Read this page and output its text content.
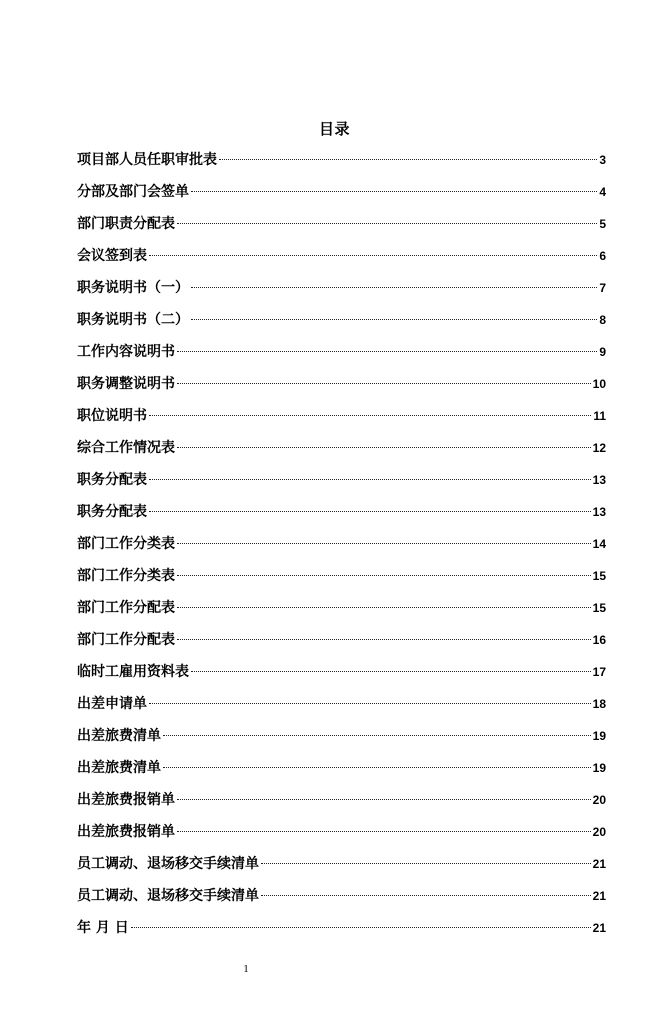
目录
项目部人员任职审批表	3
分部及部门会签单	4
部门职责分配表	5
会议签到表	6
职务说明书（一）	7
职务说明书（二）	8
工作内容说明书	9
职务调整说明书	10
职位说明书	11
综合工作情况表	12
职务分配表	13
职务分配表	13
部门工作分类表	14
部门工作分类表	15
部门工作分配表	15
部门工作分配表	16
临时工雇用资料表	17
出差申请单	18
出差旅费清单	19
出差旅费清单	19
出差旅费报销单	20
出差旅费报销单	20
员工调动、退场移交手续清单	21
员工调动、退场移交手续清单	21
年 月 日	21
1
